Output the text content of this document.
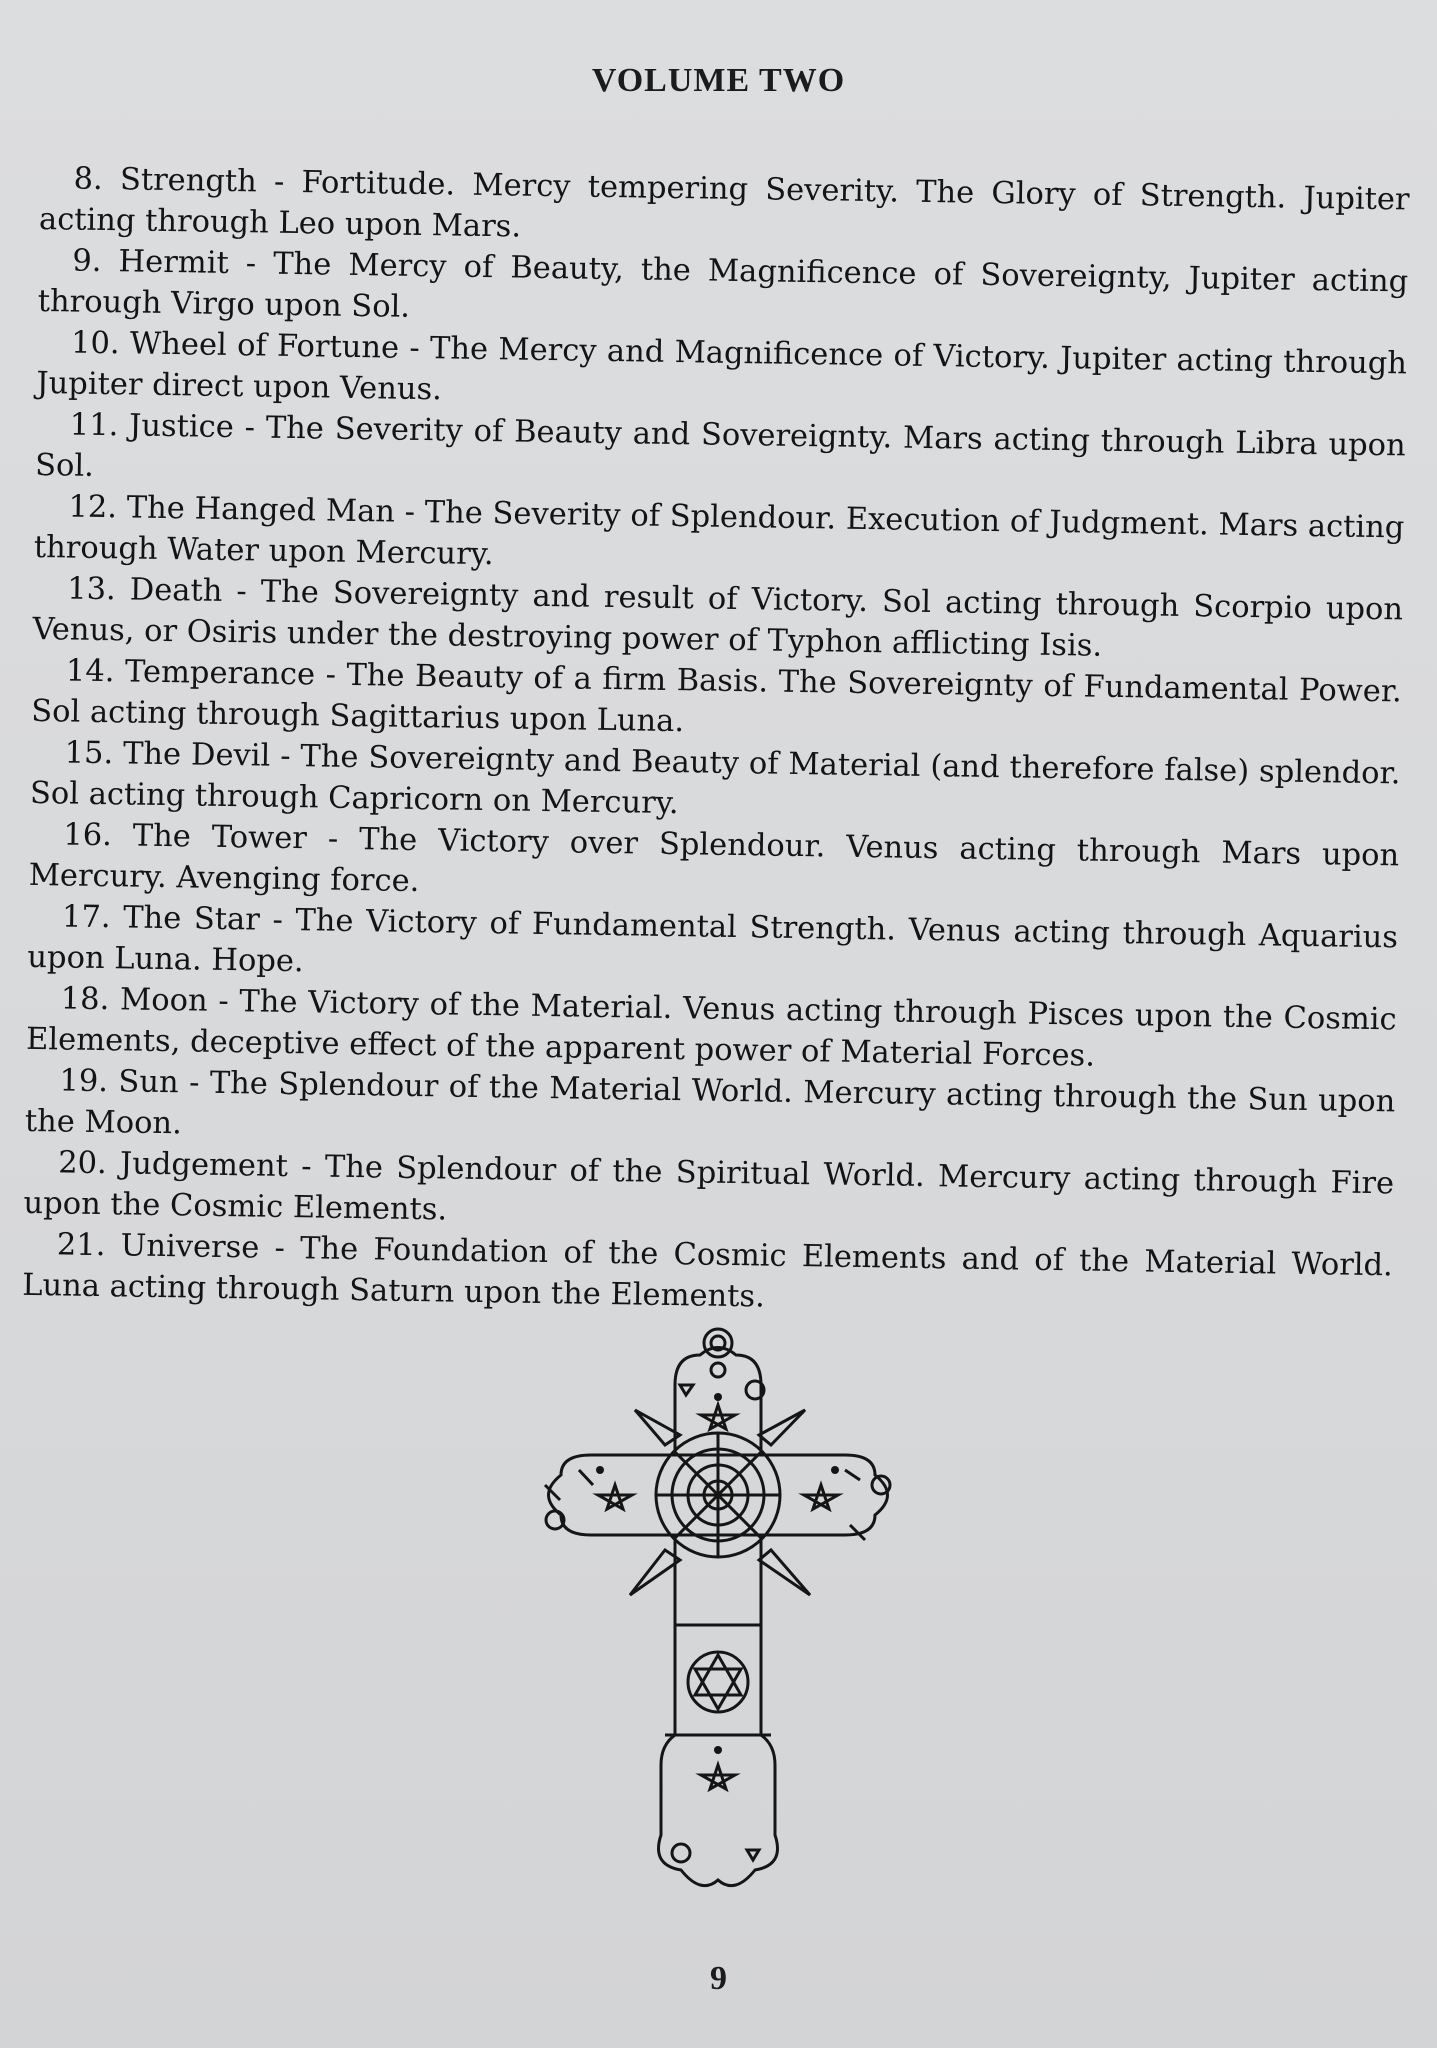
VOLUME TWO

8. Strength - Fortitude. Mercy tempering Severity. The Glory of Strength. Jupiter acting through Leo upon Mars.

9. Hermit - The Mercy of Beauty, the Magnificence of Sovereignty, Jupiter acting through Virgo upon Sol.

10. Wheel of Fortune - The Mercy and Magnificence of Victory. Jupiter acting through Jupiter direct upon Venus.

11. Justice - The Severity of Beauty and Sovereignty. Mars acting through Libra upon Sol.

12. The Hanged Man - The Severity of Splendour. Execution of Judgment. Mars acting through Water upon Mercury.

13. Death - The Sovereignty and result of Victory. Sol acting through Scorpio upon Venus, or Osiris under the destroying power of Typhon afflicting Isis.

14. Temperance - The Beauty of a firm Basis. The Sovereignty of Fundamental Power. Sol acting through Sagittarius upon Luna.

15. The Devil - The Sovereignty and Beauty of Material (and therefore false) splendor. Sol acting through Capricorn on Mercury.

16. The Tower - The Victory over Splendour. Venus acting through Mars upon Mercury. Avenging force.

17. The Star - The Victory of Fundamental Strength. Venus acting through Aquarius upon Luna. Hope.

18. Moon - The Victory of the Material. Venus acting through Pisces upon the Cosmic Elements, deceptive effect of the apparent power of Material Forces.

19. Sun - The Splendour of the Material World. Mercury acting through the Sun upon the Moon.

20. Judgement - The Splendour of the Spiritual World. Mercury acting through Fire upon the Cosmic Elements.

21. Universe - The Foundation of the Cosmic Elements and of the Material World. Luna acting through Saturn upon the Elements.

9
